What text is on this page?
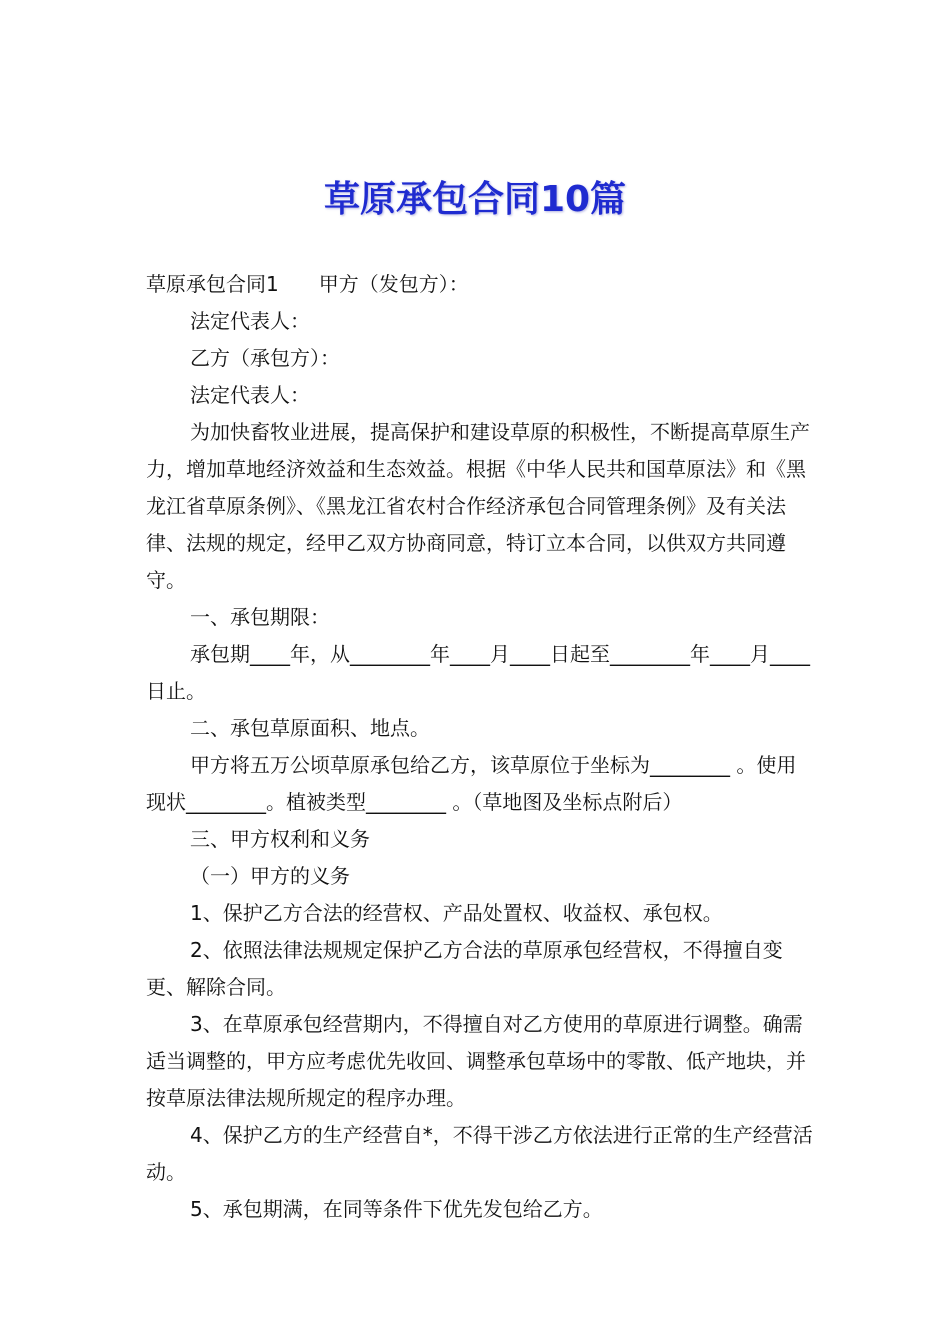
草原承包合同10篇

草原承包合同1　　甲方（发包方）：

法定代表人：

乙方（承包方）：

法定代表人：

为加快畜牧业进展，提高保护和建设草原的积极性，不断提高草原生产力，增加草地经济效益和生态效益。根据《中华人民共和国草原法》和《黑龙江省草原条例》、《黑龙江省农村合作经济承包合同管理条例》及有关法律、法规的规定，经甲乙双方协商同意，特订立本合同，以供双方共同遵守。

一、承包期限：

承包期____年，从________年____月____日起至________年____月____日止。

二、承包草原面积、地点。

甲方将五万公顷草原承包给乙方，该草原位于坐标为________ 。使用现状________。植被类型________ 。（草地图及坐标点附后）

三、甲方权利和义务

（一）甲方的义务

1、保护乙方合法的经营权、产品处置权、收益权、承包权。

2、依照法律法规规定保护乙方合法的草原承包经营权，不得擅自变更、解除合同。

3、在草原承包经营期内，不得擅自对乙方使用的草原进行调整。确需适当调整的，甲方应考虑优先收回、调整承包草场中的零散、低产地块，并按草原法律法规所规定的程序办理。

4、保护乙方的生产经营自*，不得干涉乙方依法进行正常的生产经营活动。

5、承包期满，在同等条件下优先发包给乙方。
